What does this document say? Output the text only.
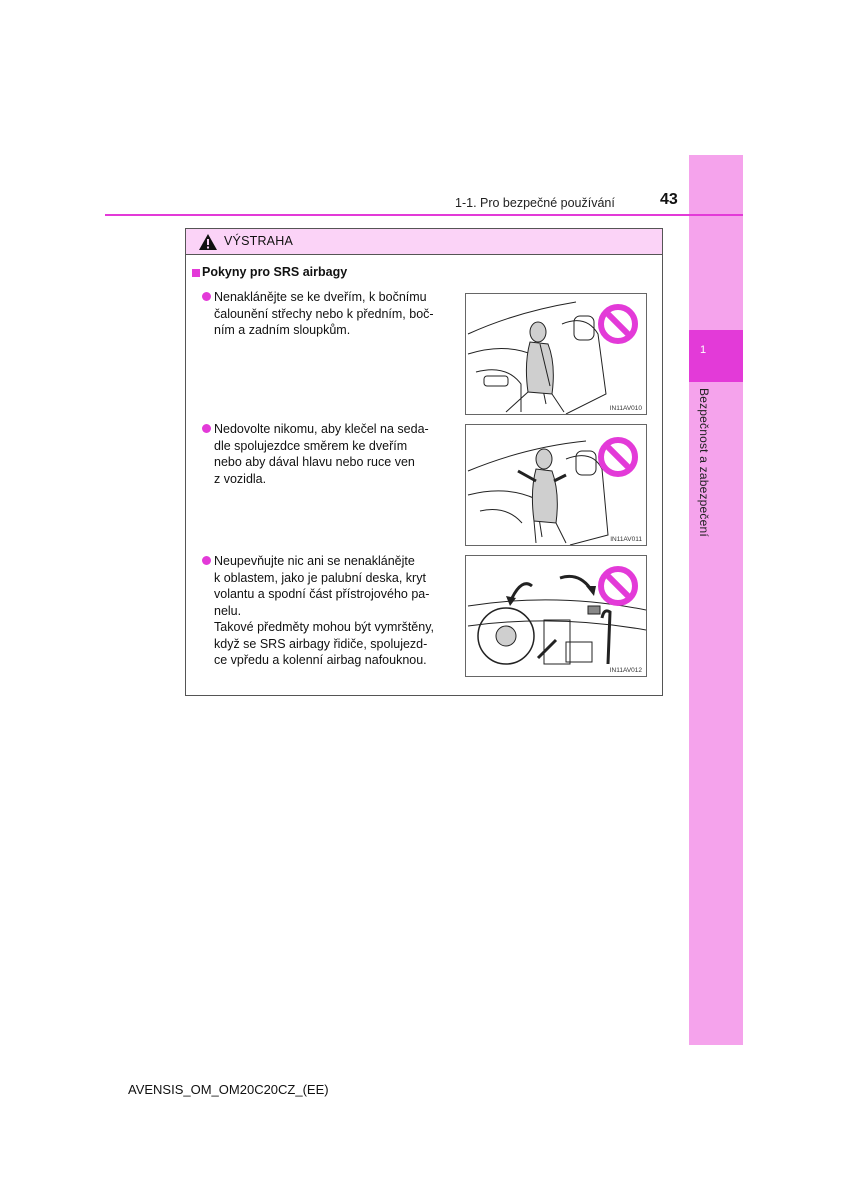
1
Bezpečnost a zabezpečení
1-1. Pro bezpečné používání	43
VÝSTRAHA
Pokyny pro SRS airbagy
Nenaklánějte se ke dveřím, k bočnímu
čalounění střechy nebo k předním, boč-
ním a zadním sloupkům.
IN11AV010
Nedovolte nikomu, aby klečel na seda-
dle spolujezdce směrem ke dveřím
nebo aby dával hlavu nebo ruce ven
z vozidla.
IN11AV011
Neupevňujte nic ani se nenaklánějte
k oblastem, jako je palubní deska, kryt
volantu a spodní část přístrojového pa-
nelu.
Takové předměty mohou být vymrštěny,
když se SRS airbagy řidiče, spolujezd-
ce vpředu a kolenní airbag nafouknou.
IN11AV012
AVENSIS_OM_OM20C20CZ_(EE)
